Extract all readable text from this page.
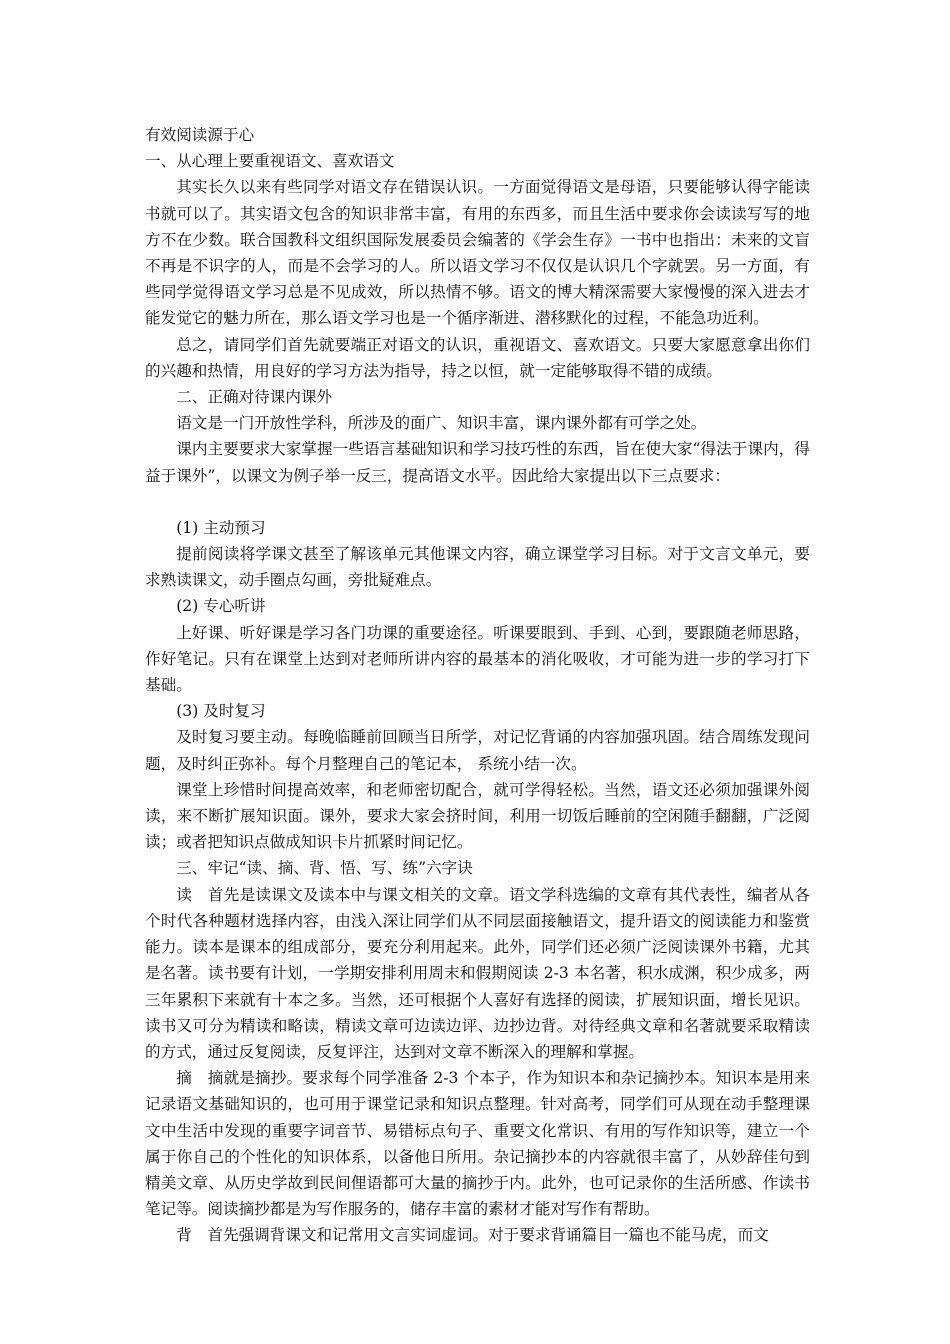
有效阅读源于心

一、从心理上要重视语文、喜欢语文

其实长久以来有些同学对语文存在错误认识。一方面觉得语文是母语，只要能够认得字能读书就可以了。其实语文包含的知识非常丰富，有用的东西多，而且生活中要求你会读读写写的地方不在少数。联合国教科文组织国际发展委员会编著的《学会生存》一书中也指出：未来的文盲不再是不识字的人，而是不会学习的人。所以语文学习不仅仅是认识几个字就罢。另一方面，有些同学觉得语文学习总是不见成效，所以热情不够。语文的博大精深需要大家慢慢的深入进去才能发觉它的魅力所在，那么语文学习也是一个循序渐进、潜移默化的过程，不能急功近利。

总之，请同学们首先就要端正对语文的认识，重视语文、喜欢语文。只要大家愿意拿出你们的兴趣和热情，用良好的学习方法为指导，持之以恒，就一定能够取得不错的成绩。

二、正确对待课内课外

语文是一门开放性学科，所涉及的面广、知识丰富，课内课外都有可学之处。

课内主要要求大家掌握一些语言基础知识和学习技巧性的东西，旨在使大家“得法于课内，得益于课外”，以课文为例子举一反三，提高语文水平。因此给大家提出以下三点要求：

(1) 主动预习

提前阅读将学课文甚至了解该单元其他课文内容，确立课堂学习目标。对于文言文单元，要求熟读课文，动手圈点勾画，旁批疑难点。

(2) 专心听讲

上好课、听好课是学习各门功课的重要途径。听课要眼到、手到、心到，要跟随老师思路，作好笔记。只有在课堂上达到对老师所讲内容的最基本的消化吸收，才可能为进一步的学习打下基础。

(3) 及时复习

及时复习要主动。每晚临睡前回顾当日所学，对记忆背诵的内容加强巩固。结合周练发现问题，及时纠正弥补。每个月整理自己的笔记本， 系统小结一次。

课堂上珍惜时间提高效率，和老师密切配合，就可学得轻松。当然，语文还必须加强课外阅读，来不断扩展知识面。课外，要求大家会挤时间，利用一切饭后睡前的空闲随手翻翻，广泛阅读；或者把知识点做成知识卡片抓紧时间记忆。

三、牢记“读、摘、背、悟、写、练”六字诀

读　首先是读课文及读本中与课文相关的文章。语文学科选编的文章有其代表性，编者从各个时代各种题材选择内容，由浅入深让同学们从不同层面接触语文，提升语文的阅读能力和鉴赏能力。读本是课本的组成部分，要充分利用起来。此外，同学们还必须广泛阅读课外书籍，尤其是名著。读书要有计划，一学期安排利用周末和假期阅读 2-3 本名著，积水成渊，积少成多，两三年累积下来就有十本之多。当然，还可根据个人喜好有选择的阅读，扩展知识面，增长见识。读书又可分为精读和略读，精读文章可边读边评、边抄边背。对待经典文章和名著就要采取精读的方式，通过反复阅读，反复评注，达到对文章不断深入的理解和掌握。

摘　摘就是摘抄。要求每个同学准备 2-3 个本子，作为知识本和杂记摘抄本。知识本是用来记录语文基础知识的，也可用于课堂记录和知识点整理。针对高考，同学们可从现在动手整理课文中生活中发现的重要字词音节、易错标点句子、重要文化常识、有用的写作知识等，建立一个属于你自己的个性化的知识体系，以备他日所用。杂记摘抄本的内容就很丰富了，从妙辞佳句到精美文章、从历史学故到民间俚语都可大量的摘抄于内。此外，也可记录你的生活所感、作读书笔记等。阅读摘抄都是为写作服务的，储存丰富的素材才能对写作有帮助。

背　首先强调背课文和记常用文言实词虚词。对于要求背诵篇目一篇也不能马虎，而文
